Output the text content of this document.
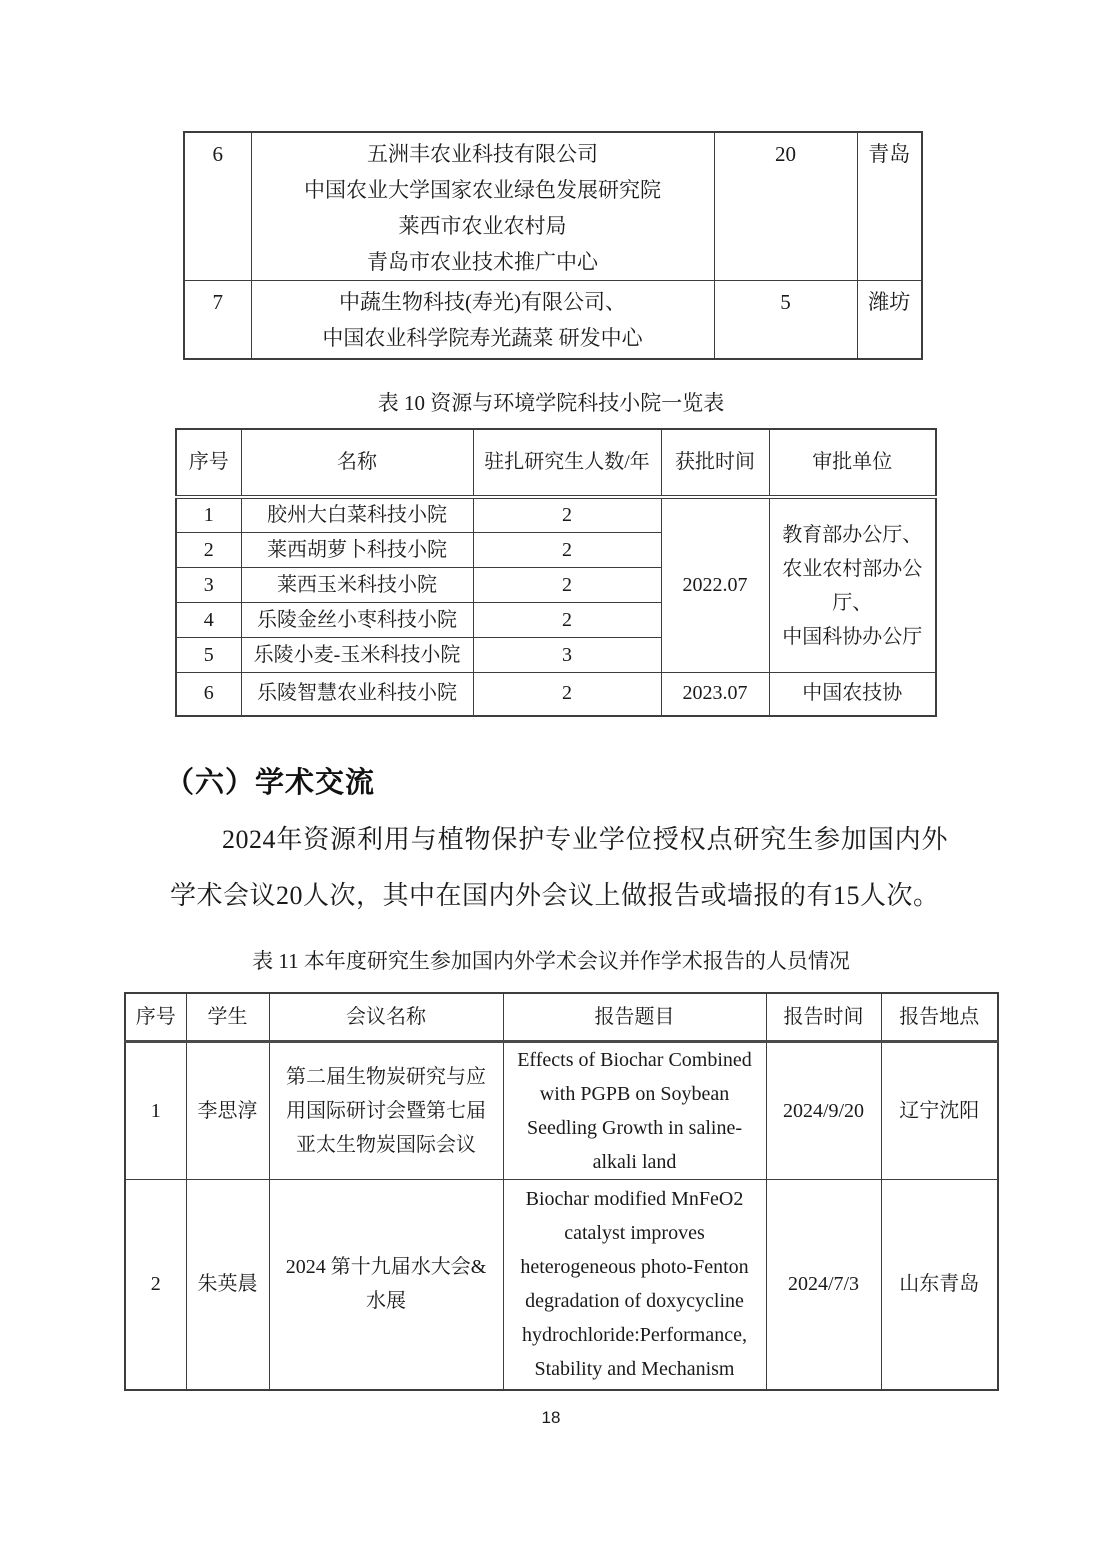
6	五洲丰农业科技有限公司
中国农业大学国家农业绿色发展研究院
莱西市农业农村局
青岛市农业技术推广中心	20	青岛
7	中蔬生物科技(寿光)有限公司、
中国农业科学院寿光蔬菜 研发中心	5	潍坊
表 10 资源与环境学院科技小院一览表
序号	名称	驻扎研究生人数/年	获批时间	审批单位
1	胶州大白菜科技小院	2	2022.07	教育部办公厅、
农业农村部办公
厅、
中国科协办公厅

2	莱西胡萝卜科技小院	2		
3	莱西玉米科技小院	2		
4	乐陵金丝小枣科技小院	2		
5	乐陵小麦-玉米科技小院	3		
6	乐陵智慧农业科技小院	2	2023.07	中国农技协
（六）学术交流

2024年资源利用与植物保护专业学位授权点研究生参加国内外学术会议20人次，其中在国内外会议上做报告或墙报的有15人次。

表 11 本年度研究生参加国内外学术会议并作学术报告的人员情况
序号	学生	会议名称	报告题目	报告时间	报告地点
1	李思淳	第二届生物炭研究与应用国际研讨会暨第七届亚太生物炭国际会议	Effects of Biochar Combined with PGPB on Soybean Seedling Growth in saline-alkali land	2024/9/20	辽宁沈阳
2	朱英晨	2024 第十九届水大会&水展	Biochar modified MnFeO2 catalyst improves heterogeneous photo-Fenton degradation of doxycycline hydrochloride:Performance, Stability and Mechanism	2024/7/3	山东青岛
18
